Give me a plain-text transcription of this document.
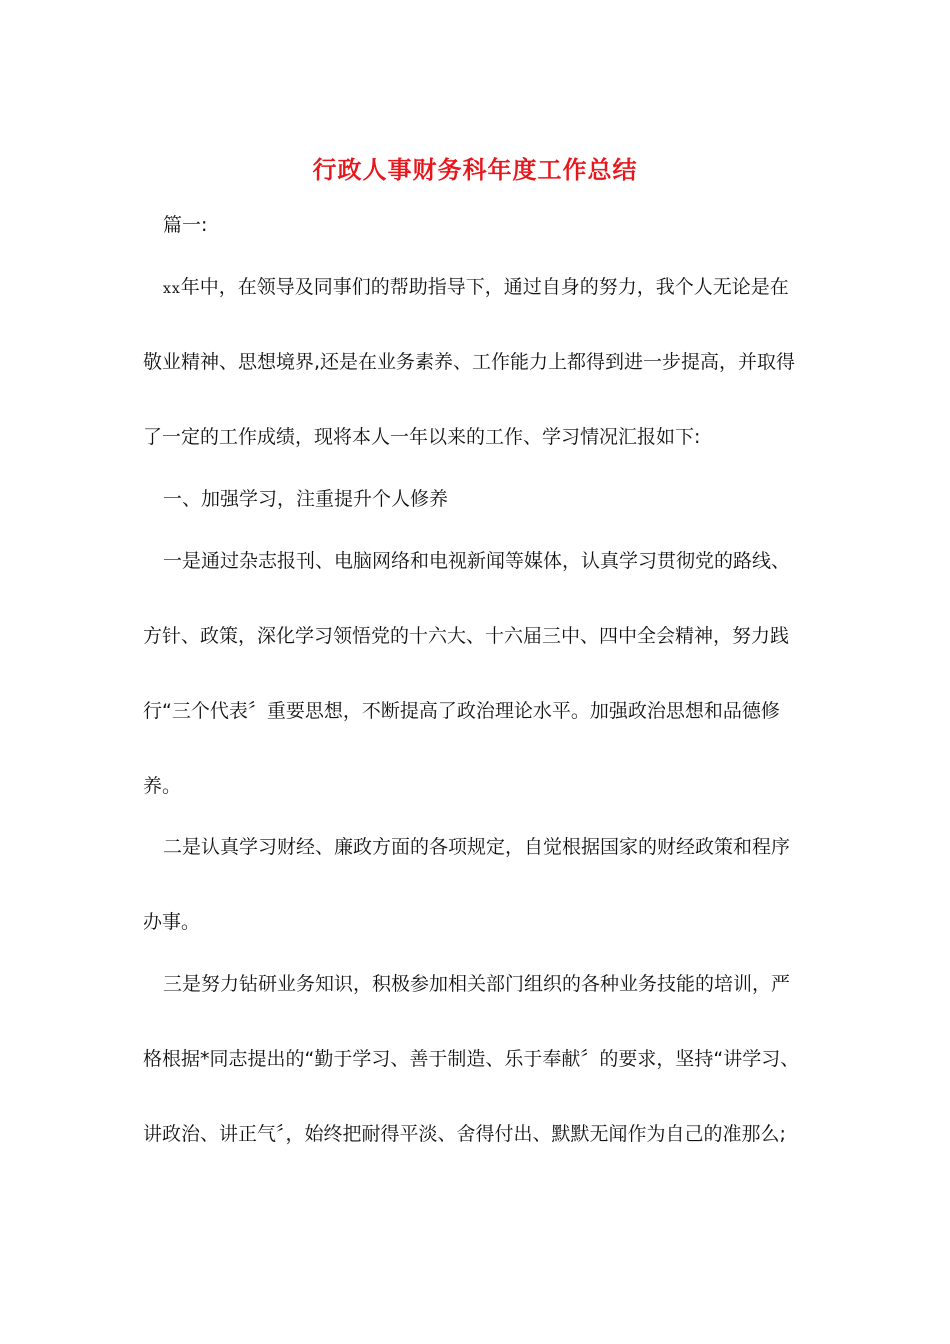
行政人事财务科年度工作总结
篇一:
xx年中，在领导及同事们的帮助指导下，通过自身的努力，我个人无论是在
敬业精神、思想境界,还是在业务素养、工作能力上都得到进一步提高，并取得
了一定的工作成绩，现将本人一年以来的工作、学习情况汇报如下:
一、加强学习，注重提升个人修养
一是通过杂志报刊、电脑网络和电视新闻等媒体，认真学习贯彻党的路线、
方针、政策，深化学习领悟党的十六大、十六届三中、四中全会精神，努力践
行“三个代表〞重要思想，不断提高了政治理论水平。加强政治思想和品德修
养。
二是认真学习财经、廉政方面的各项规定，自觉根据国家的财经政策和程序
办事。
三是努力钻研业务知识，积极参加相关部门组织的各种业务技能的培训，严
格根据*同志提出的“勤于学习、善于制造、乐于奉献〞的要求，坚持“讲学习、
讲政治、讲正气〞，始终把耐得平淡、舍得付出、默默无闻作为自己的准那么;
